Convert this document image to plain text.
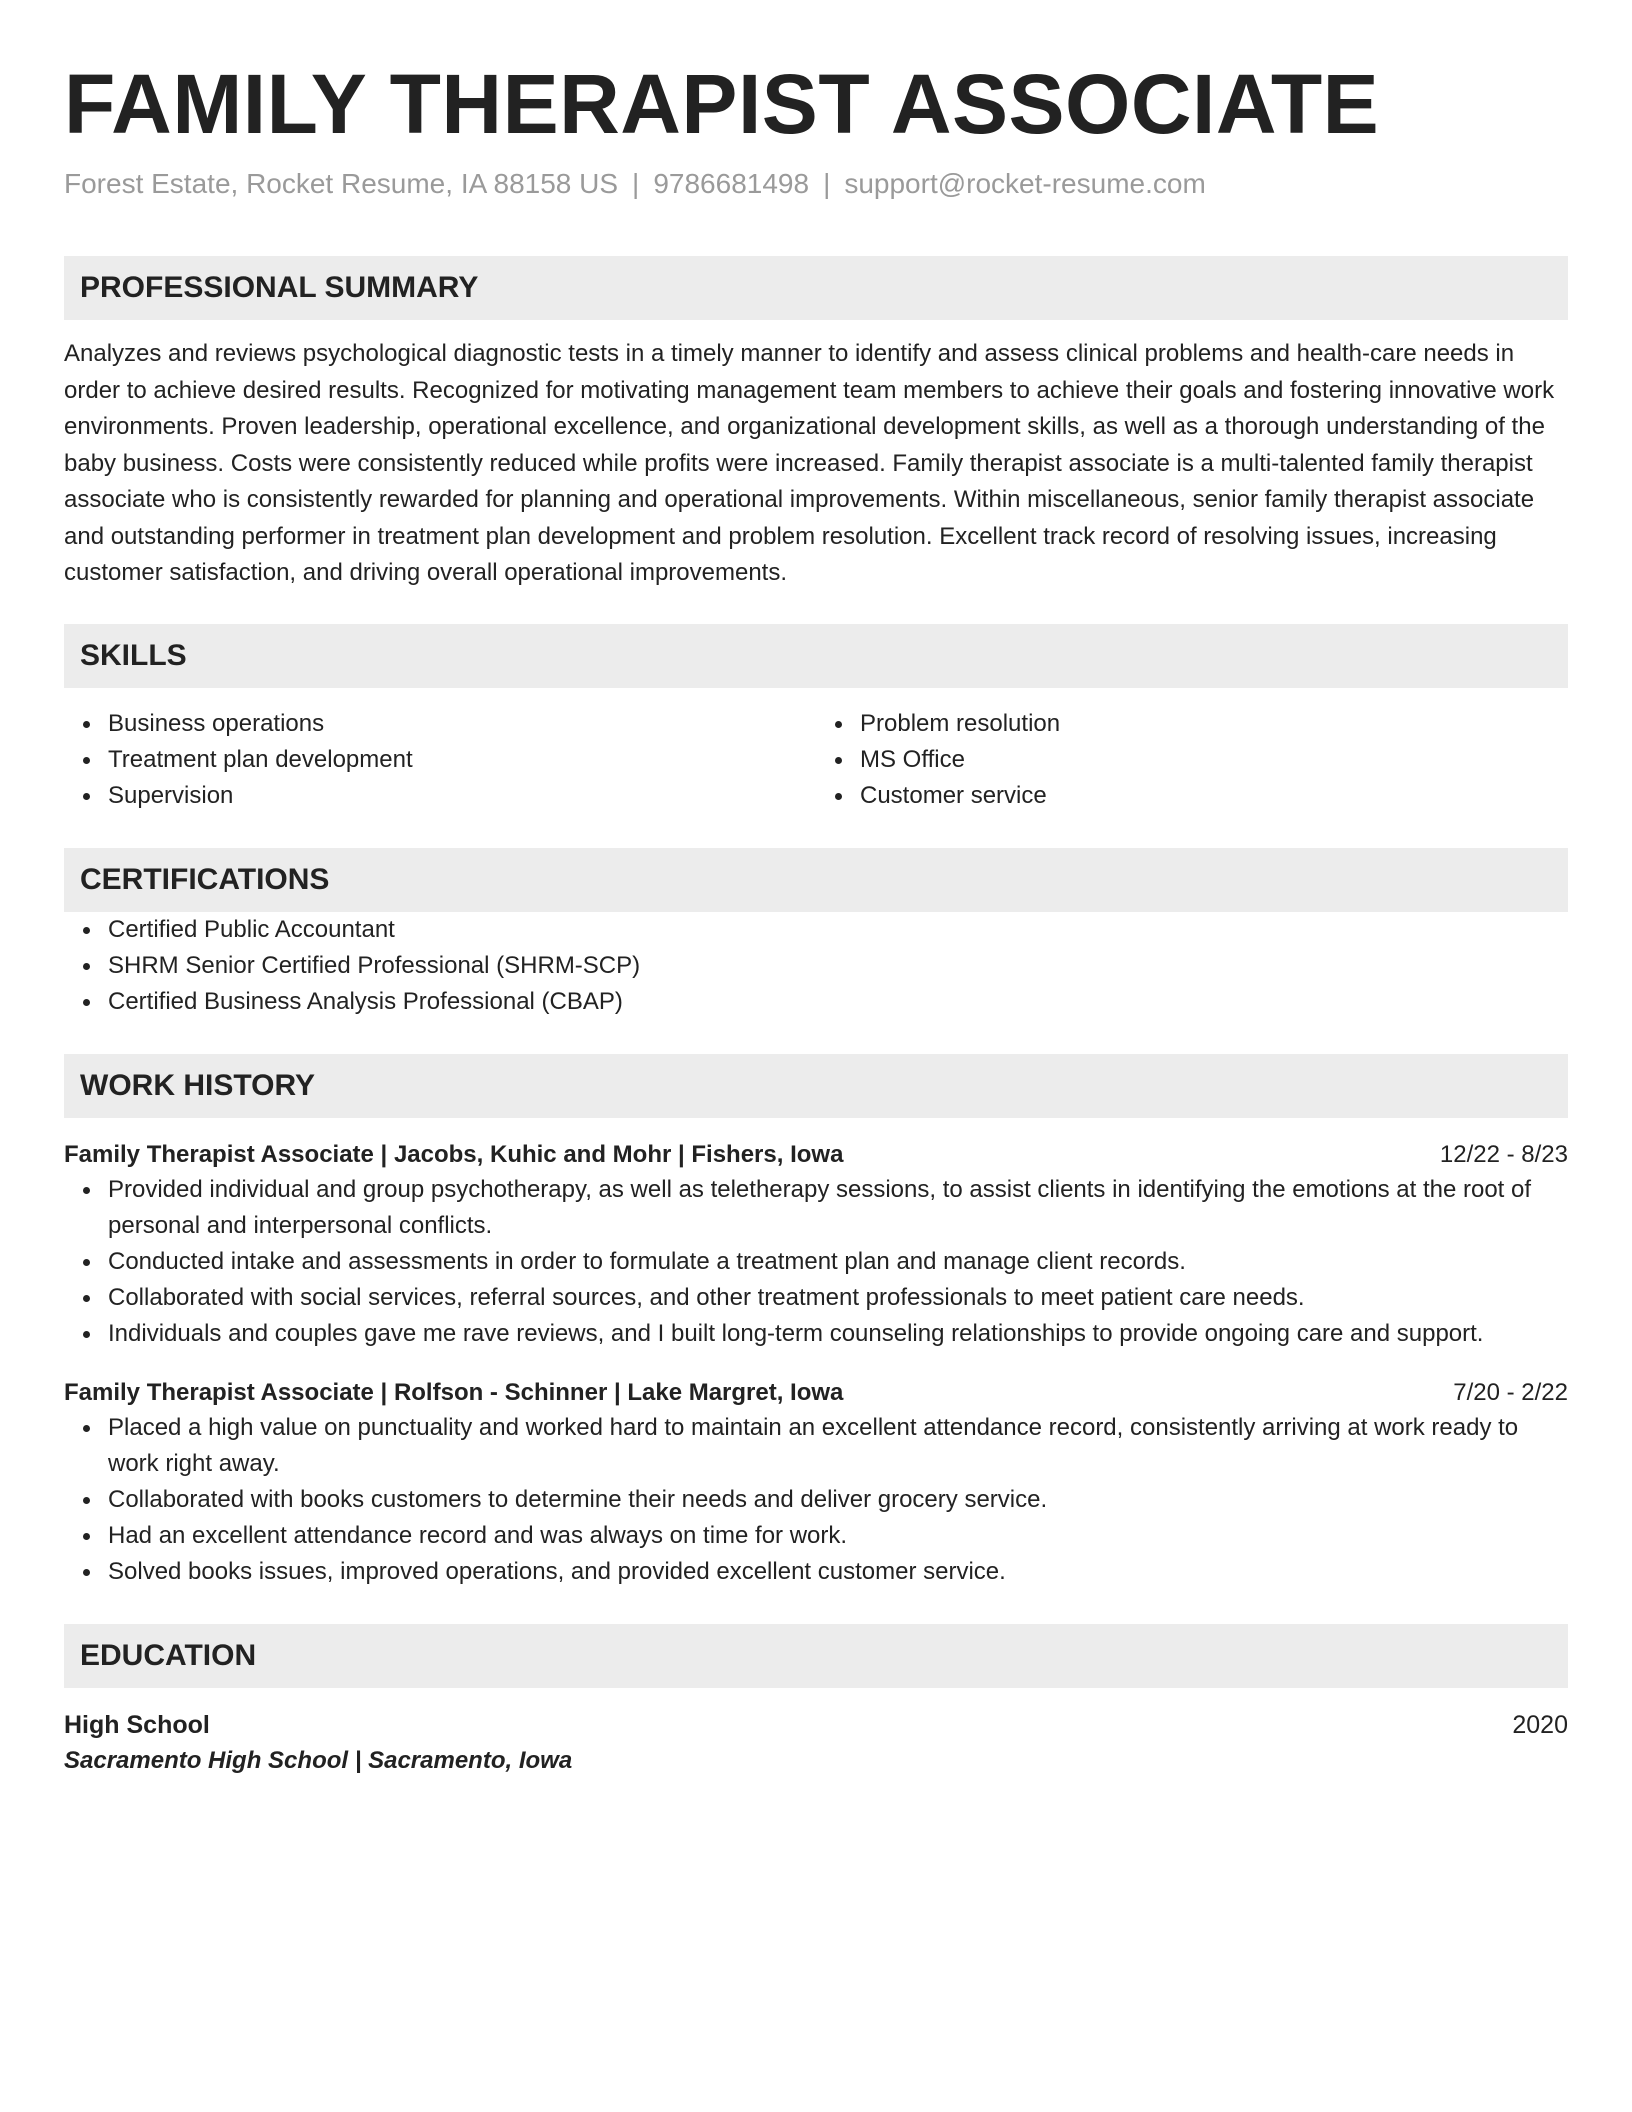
FAMILY THERAPIST ASSOCIATE
Forest Estate, Rocket Resume, IA 88158 US | 9786681498 | support@rocket-resume.com
PROFESSIONAL SUMMARY

Analyzes and reviews psychological diagnostic tests in a timely manner to identify and assess clinical problems and health-care needs in order to achieve desired results. Recognized for motivating management team members to achieve their goals and fostering innovative work environments. Proven leadership, operational excellence, and organizational development skills, as well as a thorough understanding of the baby business. Costs were consistently reduced while profits were increased. Family therapist associate is a multi-talented family therapist associate who is consistently rewarded for planning and operational improvements. Within miscellaneous, senior family therapist associate and outstanding performer in treatment plan development and problem resolution. Excellent track record of resolving issues, increasing customer satisfaction, and driving overall operational improvements.

SKILLS
Business operations
Treatment plan development
Supervision
Problem resolution
MS Office
Customer service
CERTIFICATIONS
Certified Public Accountant
SHRM Senior Certified Professional (SHRM-SCP)
Certified Business Analysis Professional (CBAP)
WORK HISTORY
Family Therapist Associate | Jacobs, Kuhic and Mohr | Fishers, Iowa	12/22 - 8/23
Provided individual and group psychotherapy, as well as teletherapy sessions, to assist clients in identifying the emotions at the root of personal and interpersonal conflicts.
Conducted intake and assessments in order to formulate a treatment plan and manage client records.
Collaborated with social services, referral sources, and other treatment professionals to meet patient care needs.
Individuals and couples gave me rave reviews, and I built long-term counseling relationships to provide ongoing care and support.
Family Therapist Associate | Rolfson - Schinner | Lake Margret, Iowa	7/20 - 2/22
Placed a high value on punctuality and worked hard to maintain an excellent attendance record, consistently arriving at work ready to work right away.
Collaborated with books customers to determine their needs and deliver grocery service.
Had an excellent attendance record and was always on time for work.
Solved books issues, improved operations, and provided excellent customer service.
EDUCATION
High School	2020
Sacramento High School | Sacramento, Iowa
